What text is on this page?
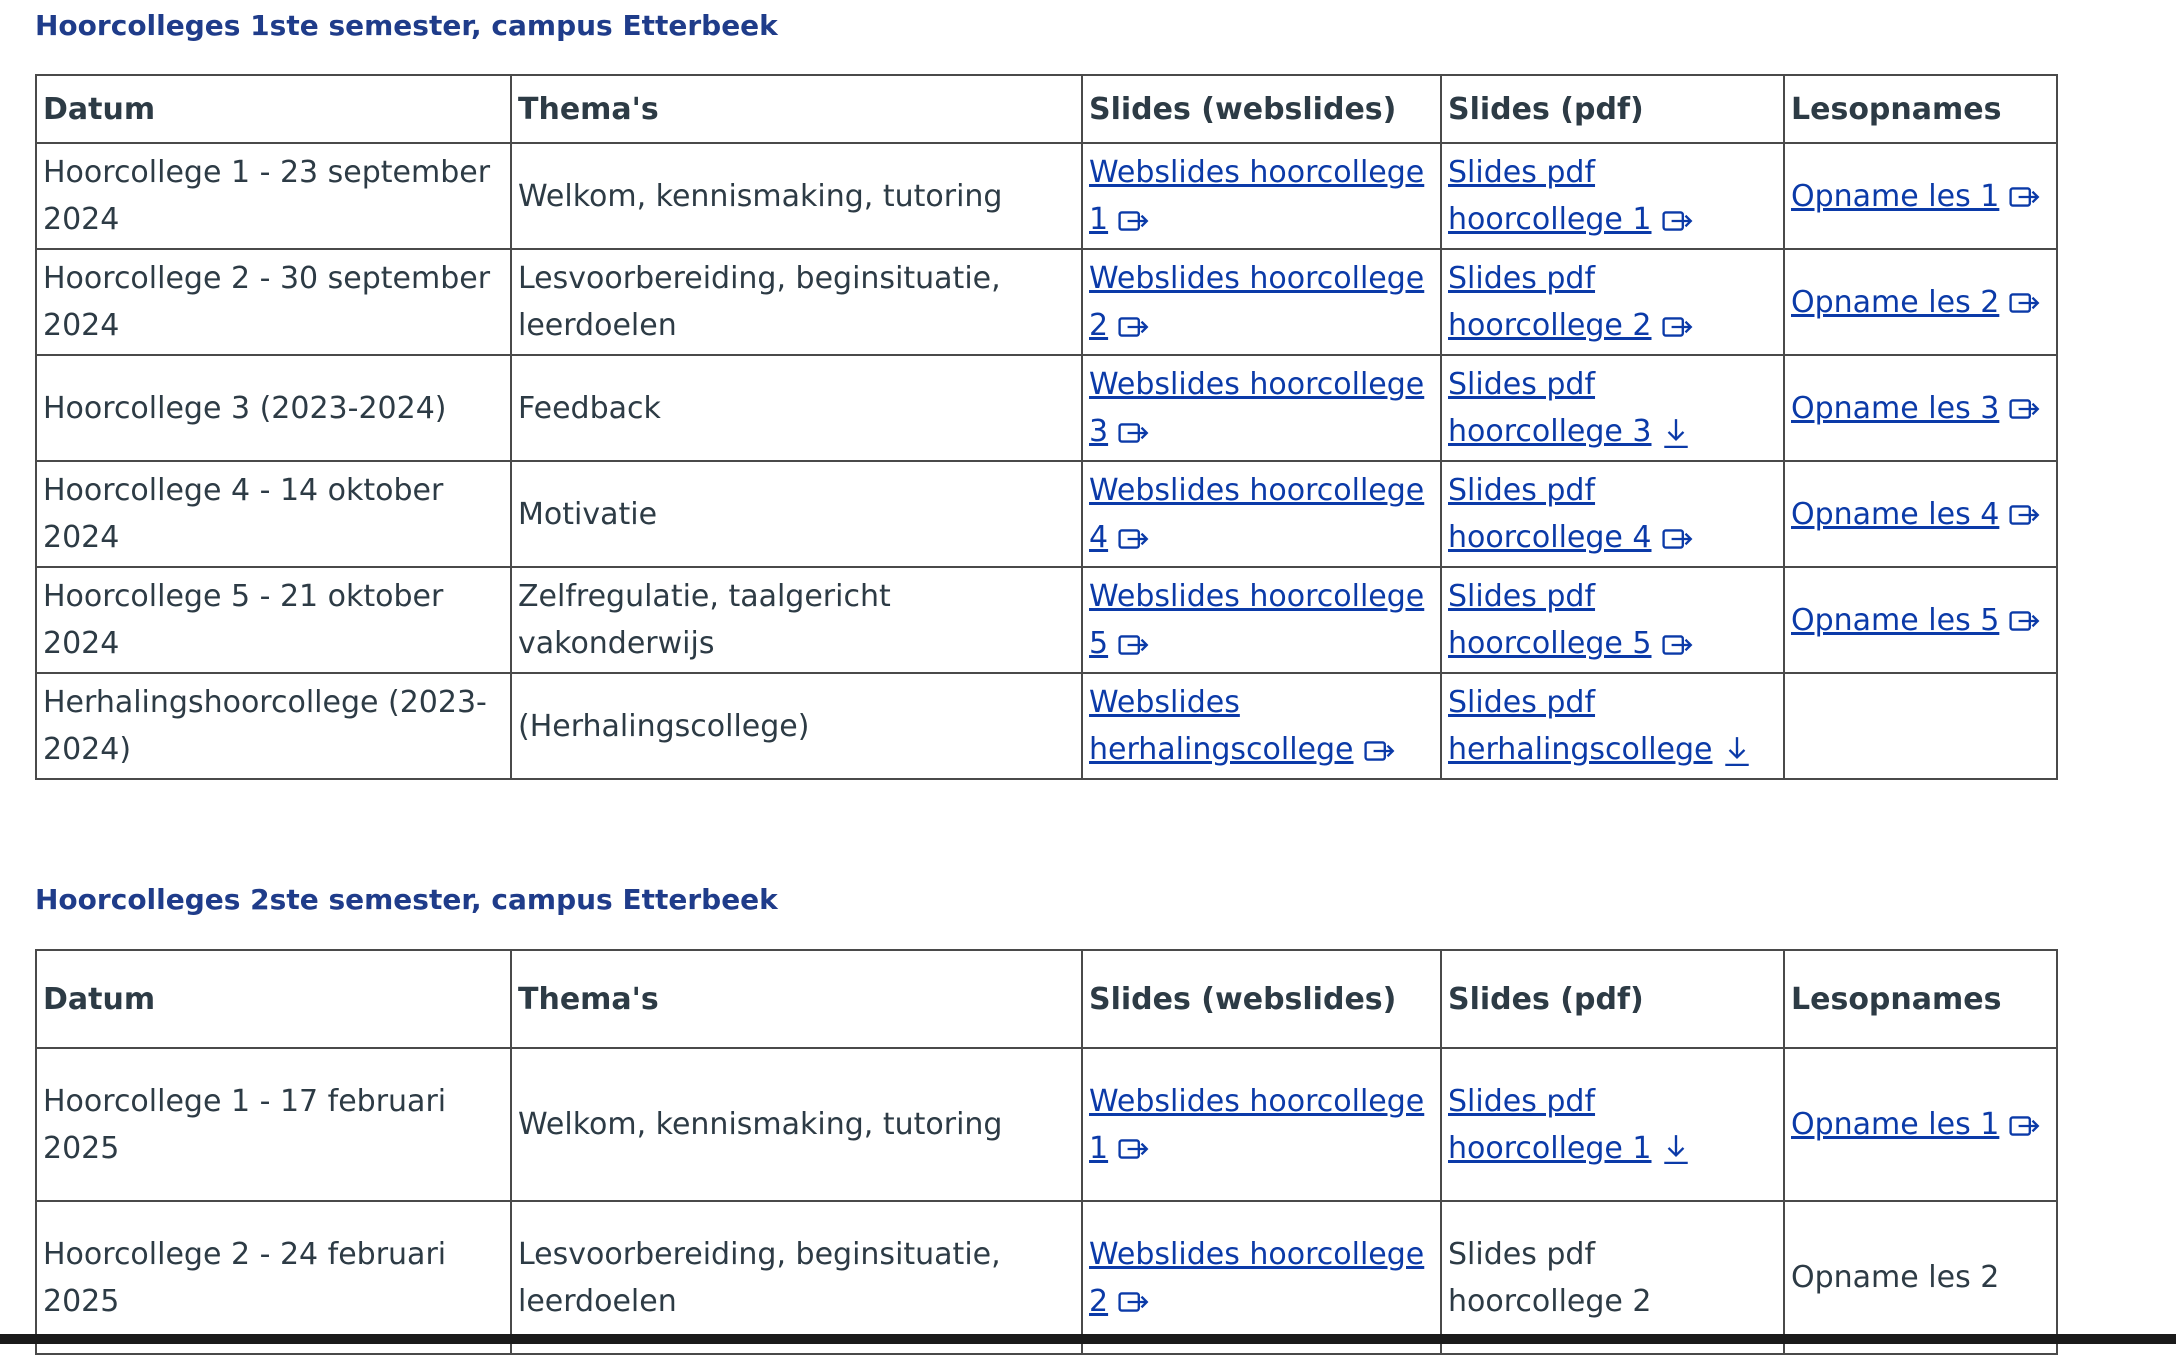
Hoorcolleges 1ste semester, campus Etterbeek
Datum	Thema's	Slides (webslides)	Slides (pdf)	Lesopnames
Hoorcollege 1 - 23 september 2024	Welkom, kennismaking, tutoring	Webslides hoorcollege 1	Slides pdf hoorcollege 1	Opname les 1
Hoorcollege 2 - 30 september 2024	Lesvoorbereiding, beginsituatie, leerdoelen	Webslides hoorcollege 2	Slides pdf hoorcollege 2	Opname les 2
Hoorcollege 3 (2023-2024)	Feedback	Webslides hoorcollege 3	Slides pdf hoorcollege 3	Opname les 3
Hoorcollege 4 - 14 oktober 2024	Motivatie	Webslides hoorcollege 4	Slides pdf hoorcollege 4	Opname les 4
Hoorcollege 5 - 21 oktober 2024	Zelfregulatie, taalgericht vakonderwijs	Webslides hoorcollege 5	Slides pdf hoorcollege 5	Opname les 5
Herhalingshoorcollege (2023-2024)	(Herhalingscollege)	Webslides herhalingscollege	Slides pdf herhalingscollege	
Hoorcolleges 2ste semester, campus Etterbeek
Datum	Thema's	Slides (webslides)	Slides (pdf)	Lesopnames
Hoorcollege 1 - 17 februari 2025	Welkom, kennismaking, tutoring	Webslides hoorcollege 1	Slides pdf hoorcollege 1	Opname les 1
Hoorcollege 2 - 24 februari 2025	Lesvoorbereiding, beginsituatie, leerdoelen	Webslides hoorcollege 2	Slides pdf hoorcollege 2	Opname les 2
